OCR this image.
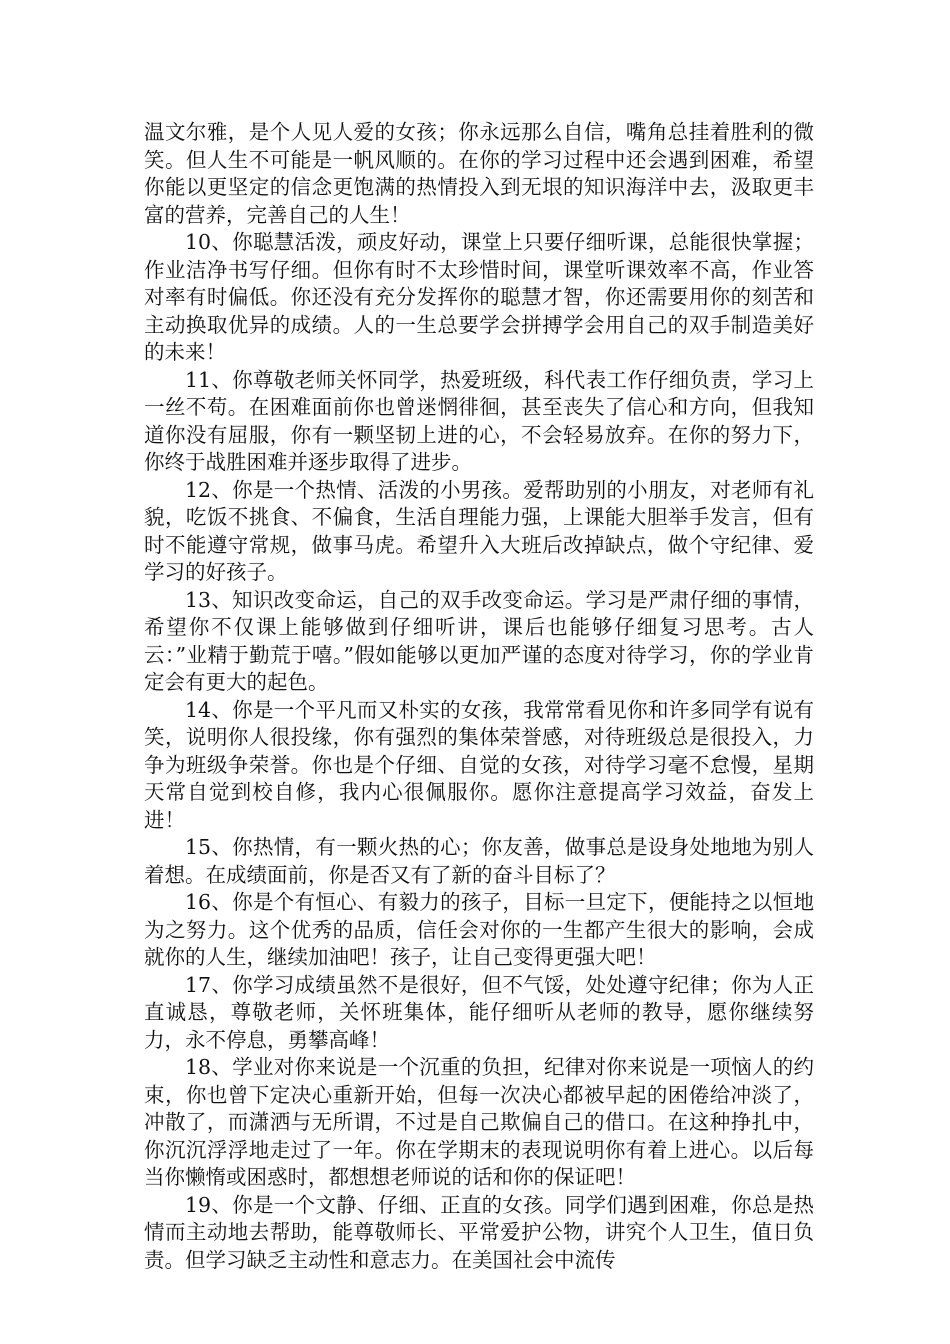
温文尔雅，是个人见人爱的女孩；你永远那么自信，嘴角总挂着胜利的微笑。但人生不可能是一帆风顺的。在你的学习过程中还会遇到困难，希望你能以更坚定的信念更饱满的热情投入到无垠的知识海洋中去，汲取更丰富的营养，完善自己的人生！

10、你聪慧活泼，顽皮好动，课堂上只要仔细听课，总能很快掌握；作业洁净书写仔细。但你有时不太珍惜时间，课堂听课效率不高，作业答对率有时偏低。你还没有充分发挥你的聪慧才智，你还需要用你的刻苦和主动换取优异的成绩。人的一生总要学会拼搏学会用自己的双手制造美好的未来！

11、你尊敬老师关怀同学，热爱班级，科代表工作仔细负责，学习上一丝不苟。在困难面前你也曾迷惘徘徊，甚至丧失了信心和方向，但我知道你没有屈服，你有一颗坚韧上进的心，不会轻易放弃。在你的努力下，你终于战胜困难并逐步取得了进步。

12、你是一个热情、活泼的小男孩。爱帮助别的小朋友，对老师有礼貌，吃饭不挑食、不偏食，生活自理能力强，上课能大胆举手发言，但有时不能遵守常规，做事马虎。希望升入大班后改掉缺点，做个守纪律、爱学习的好孩子。

13、知识改变命运，自己的双手改变命运。学习是严肃仔细的事情，希望你不仅课上能够做到仔细听讲，课后也能够仔细复习思考。古人云：”业精于勤荒于嘻。”假如能够以更加严谨的态度对待学习，你的学业肯定会有更大的起色。

14、你是一个平凡而又朴实的女孩，我常常看见你和许多同学有说有笑，说明你人很投缘，你有强烈的集体荣誉感，对待班级总是很投入，力争为班级争荣誉。你也是个仔细、自觉的女孩，对待学习毫不怠慢，星期天常自觉到校自修，我内心很佩服你。愿你注意提高学习效益，奋发上进！

15、你热情，有一颗火热的心；你友善，做事总是设身处地地为别人着想。在成绩面前，你是否又有了新的奋斗目标了？

16、你是个有恒心、有毅力的孩子，目标一旦定下，便能持之以恒地为之努力。这个优秀的品质，信任会对你的一生都产生很大的影响，会成就你的人生，继续加油吧！孩子，让自己变得更强大吧！

17、你学习成绩虽然不是很好，但不气馁，处处遵守纪律；你为人正直诚恳，尊敬老师，关怀班集体，能仔细听从老师的教导，愿你继续努力，永不停息，勇攀高峰！

18、学业对你来说是一个沉重的负担，纪律对你来说是一项恼人的约束，你也曾下定决心重新开始，但每一次决心都被早起的困倦给冲淡了，冲散了，而潇洒与无所谓，不过是自己欺偏自己的借口。在这种挣扎中，你沉沉浮浮地走过了一年。你在学期末的表现说明你有着上进心。以后每当你懒惰或困惑时，都想想老师说的话和你的保证吧！

19、你是一个文静、仔细、正直的女孩。同学们遇到困难，你总是热情而主动地去帮助，能尊敬师长、平常爱护公物，讲究个人卫生，值日负责。但学习缺乏主动性和意志力。在美国社会中流传
